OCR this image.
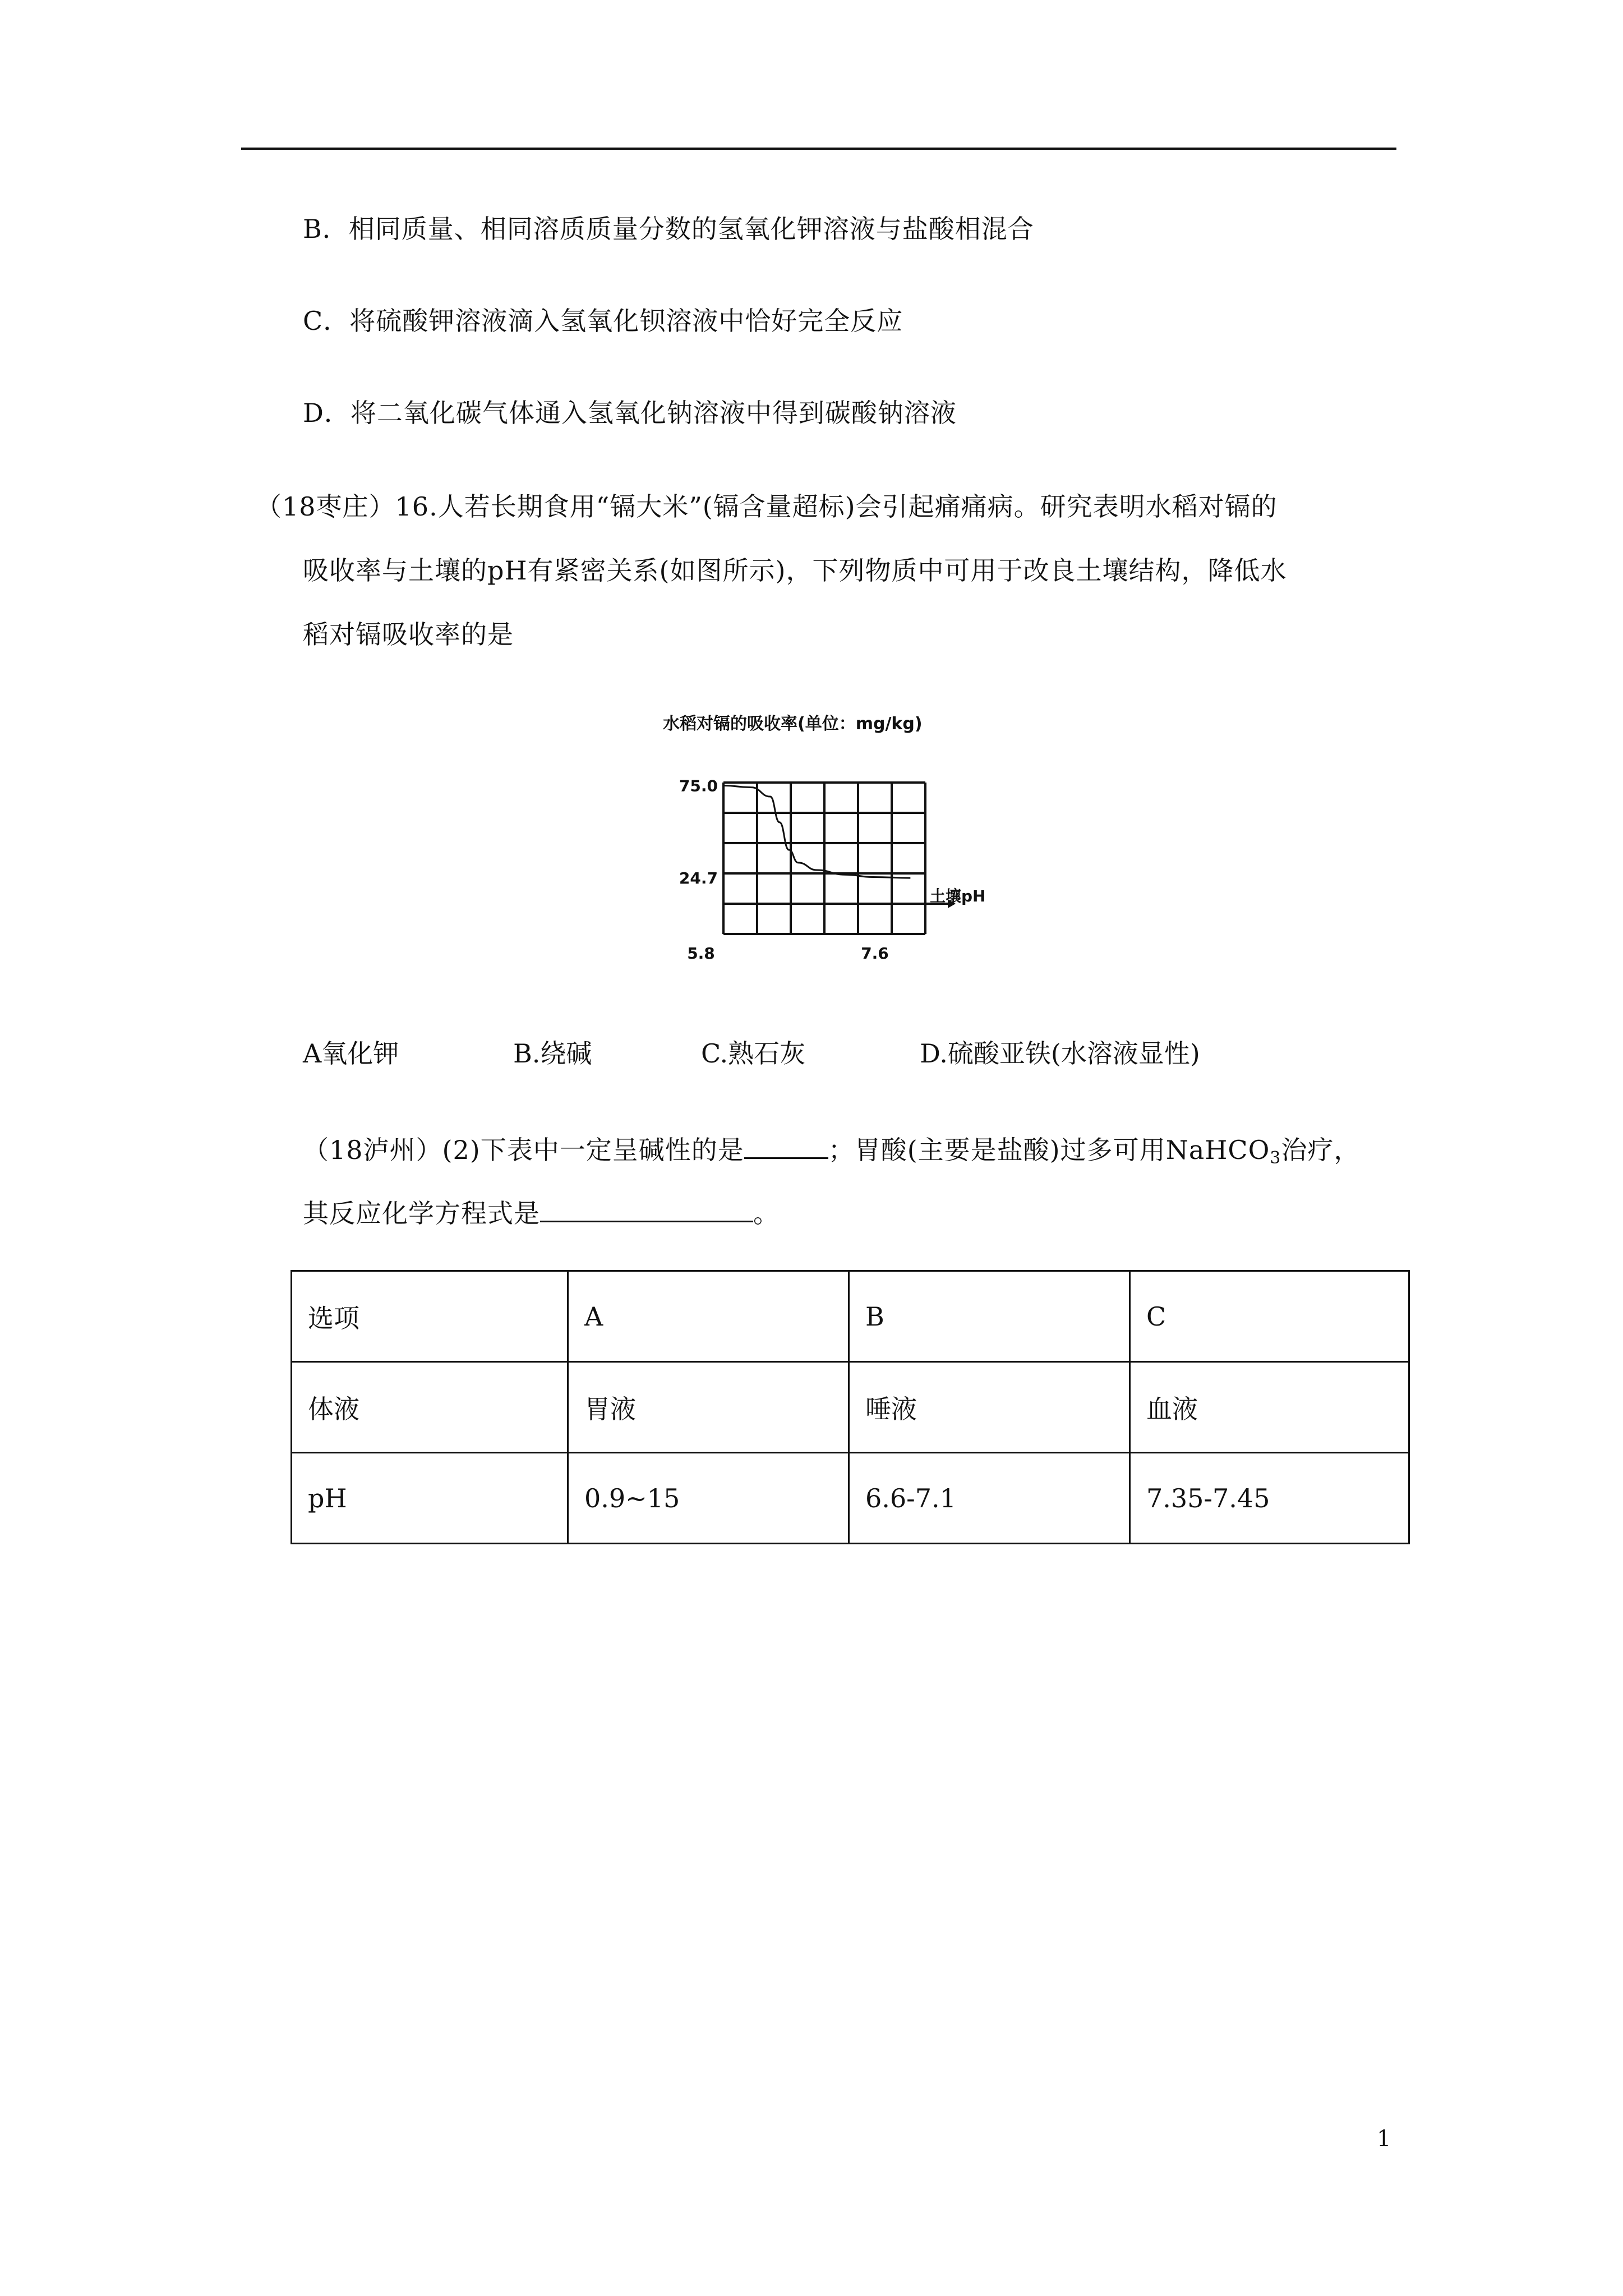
B．相同质量、相同溶质质量分数的氢氧化钾溶液与盐酸相混合
C．将硫酸钾溶液滴入氢氧化钡溶液中恰好完全反应
D．将二氧化碳气体通入氢氧化钠溶液中得到碳酸钠溶液
（18枣庄）16.人若长期食用“镉大米”(镉含量超标)会引起痛痛病。研究表明水稻对镉的
吸收率与土壤的pH有紧密关系(如图所示)，下列物质中可用于改良土壤结构，降低水
稻对镉吸收率的是
水稻对镉的吸收率(单位：mg/kg)
75.0
24.7
5.8	7.6
土壤pH
A氧化钾	B.绕碱	C.熟石灰	D.硫酸亚铁(水溶液显性)
（18泸州）(2)下表中一定呈碱性的是	；胃酸(主要是盐酸)过多可用NaHCO$_3$治疗，
其反应化学方程式是	。
选项	A	B	C
体液	胃液	唾液	血液
pH	0.9~15	6.6-7.1	7.35-7.45
1
